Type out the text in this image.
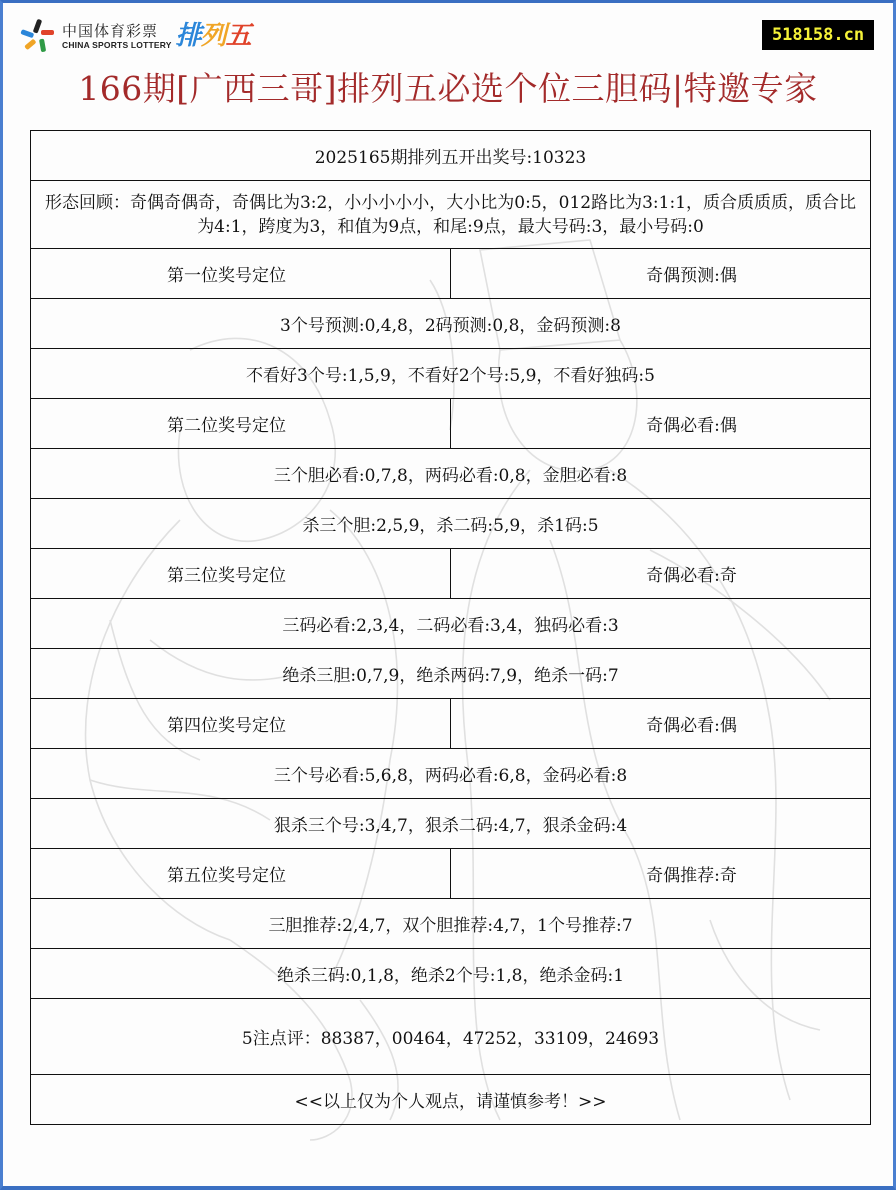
中国体育彩票
CHINA SPORTS LOTTERY 排列五	518158.cn
166期[广西三哥]排列五必选个位三胆码|特邀专家
2025165期排列五开出奖号:10323	
形态回顾：奇偶奇偶奇，奇偶比为3:2，小小小小小，大小比为0:5，012路比为3:1:1，质合质质质，质合比为4:1，跨度为3，和值为9点，和尾:9点，最大号码:3，最小号码:0	
第一位奖号定位	奇偶预测:偶
3个号预测:0,4,8，2码预测:0,8，金码预测:8	
不看好3个号:1,5,9，不看好2个号:5,9，不看好独码:5	
第二位奖号定位	奇偶必看:偶
三个胆必看:0,7,8，两码必看:0,8，金胆必看:8	
杀三个胆:2,5,9，杀二码:5,9，杀1码:5	
第三位奖号定位	奇偶必看:奇
三码必看:2,3,4，二码必看:3,4，独码必看:3	
绝杀三胆:0,7,9，绝杀两码:7,9，绝杀一码:7	
第四位奖号定位	奇偶必看:偶
三个号必看:5,6,8，两码必看:6,8，金码必看:8	
狠杀三个号:3,4,7，狠杀二码:4,7，狠杀金码:4	
第五位奖号定位	奇偶推荐:奇
三胆推荐:2,4,7，双个胆推荐:4,7，1个号推荐:7	
绝杀三码:0,1,8，绝杀2个号:1,8，绝杀金码:1	
5注点评：88387，00464，47252，33109，24693	
<<以上仅为个人观点，请谨慎参考！>>	
